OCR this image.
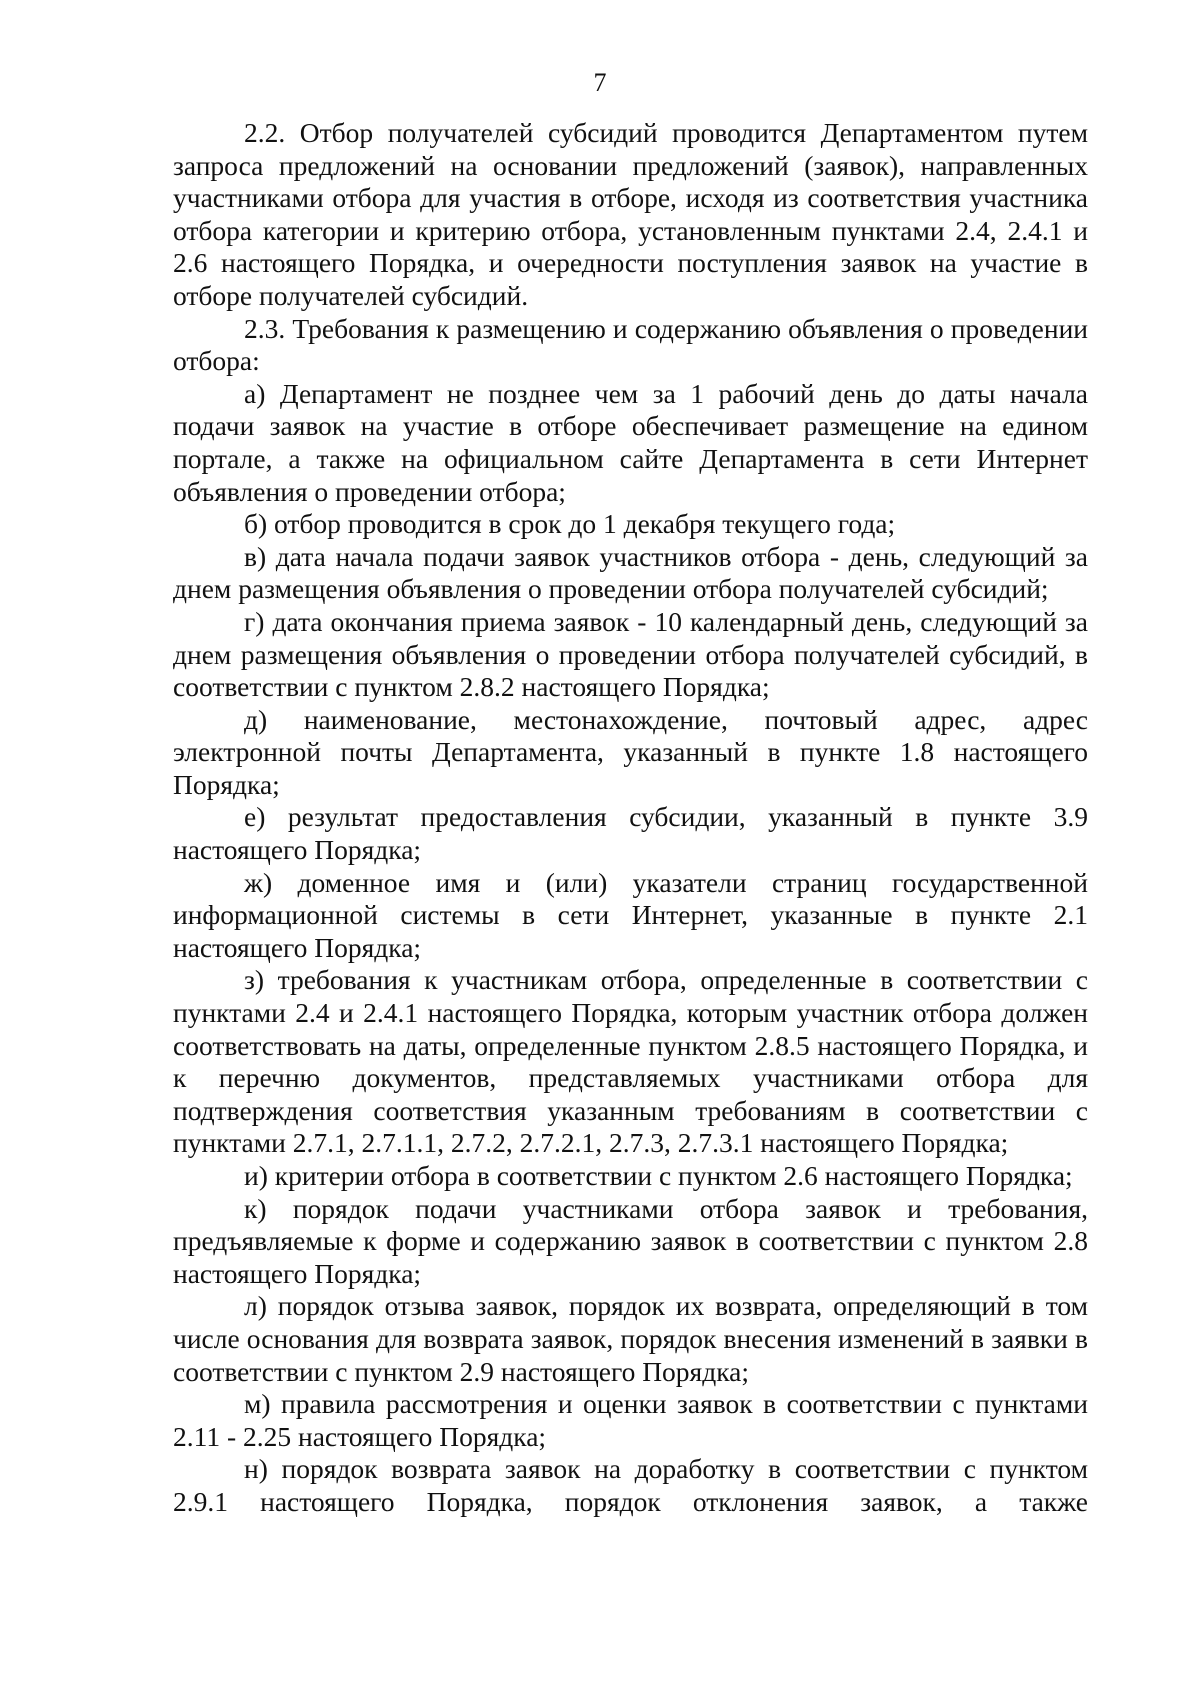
7

2.2. Отбор получателей субсидий проводится Департаментом путем запроса предложений на основании предложений (заявок), направленных участниками отбора для участия в отборе, исходя из соответствия участника отбора категории и критерию отбора, установленным пунктами 2.4, 2.4.1 и 2.6 настоящего Порядка, и очередности поступления заявок на участие в отборе получателей субсидий.

2.3. Требования к размещению и содержанию объявления о проведении отбора:

а) Департамент не позднее чем за 1 рабочий день до даты начала подачи заявок на участие в отборе обеспечивает размещение на едином портале, а также на официальном сайте Департамента в сети Интернет объявления о проведении отбора;

б) отбор проводится в срок до 1 декабря текущего года;

в) дата начала подачи заявок участников отбора - день, следующий за днем размещения объявления о проведении отбора получателей субсидий;

г) дата окончания приема заявок - 10 календарный день, следующий за днем размещения объявления о проведении отбора получателей субсидий, в соответствии с пунктом 2.8.2 настоящего Порядка;

д) наименование, местонахождение, почтовый адрес, адрес электронной почты Департамента, указанный в пункте 1.8 настоящего Порядка;

е) результат предоставления субсидии, указанный в пункте 3.9 настоящего Порядка;

ж) доменное имя и (или) указатели страниц государственной информационной системы в сети Интернет, указанные в пункте 2.1 настоящего Порядка;

з) требования к участникам отбора, определенные в соответствии с пунктами 2.4 и 2.4.1 настоящего Порядка, которым участник отбора должен соответствовать на даты, определенные пунктом 2.8.5 настоящего Порядка, и к перечню документов, представляемых участниками отбора для подтверждения соответствия указанным требованиям в соответствии с пунктами 2.7.1, 2.7.1.1, 2.7.2, 2.7.2.1, 2.7.3, 2.7.3.1 настоящего Порядка;

и) критерии отбора в соответствии с пунктом 2.6 настоящего Порядка;

к) порядок подачи участниками отбора заявок и требования, предъявляемые к форме и содержанию заявок в соответствии с пунктом 2.8 настоящего Порядка;

л) порядок отзыва заявок, порядок их возврата, определяющий в том числе основания для возврата заявок, порядок внесения изменений в заявки в соответствии с пунктом 2.9 настоящего Порядка;

м) правила рассмотрения и оценки заявок в соответствии с пунктами 2.11 - 2.25 настоящего Порядка;

н) порядок возврата заявок на доработку в соответствии с пунктом 2.9.1 настоящего Порядка, порядок отклонения заявок, а также
